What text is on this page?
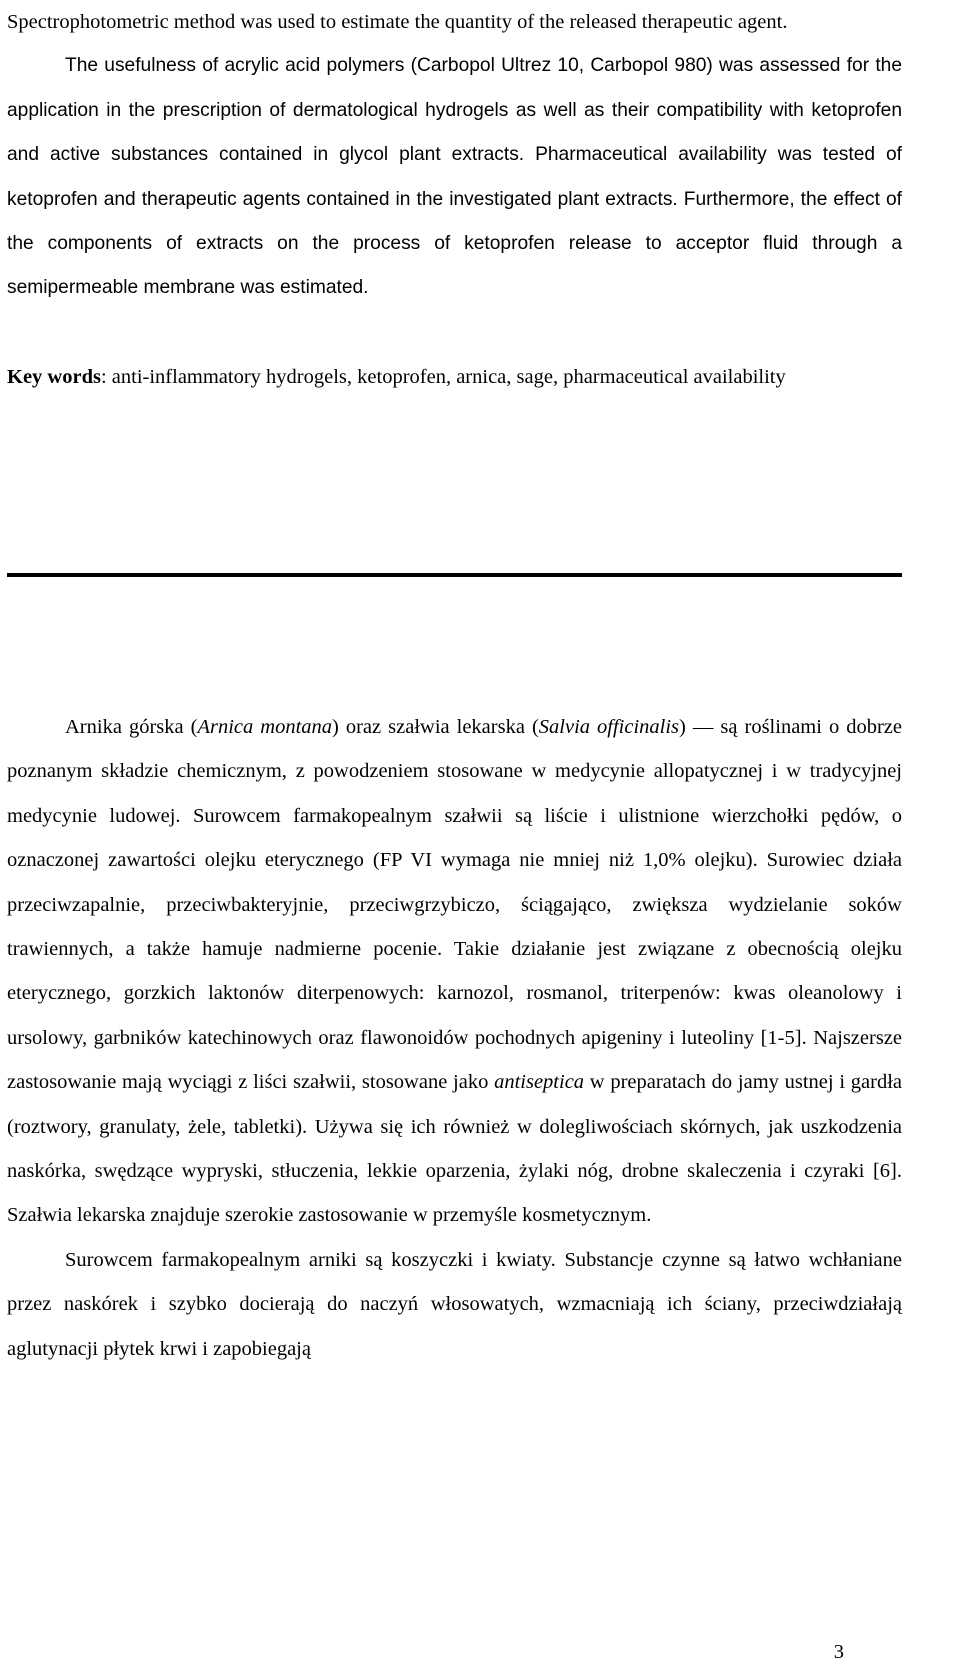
Spectrophotometric method was used to estimate the quantity of the released therapeutic agent.

The usefulness of acrylic acid polymers (Carbopol Ultrez 10, Carbopol 980) was assessed for the application in the prescription of dermatological hydrogels as well as their compatibility with ketoprofen and active substances contained in glycol plant extracts. Pharmaceutical availability was tested of ketoprofen and therapeutic agents contained in the investigated plant extracts. Furthermore, the effect of the components of extracts on the process of ketoprofen release to acceptor fluid through a semipermeable membrane was estimated.

Key words: anti-inflammatory hydrogels, ketoprofen, arnica, sage, pharmaceutical availability

Arnika górska (Arnica montana) oraz szałwia lekarska (Salvia officinalis) — są roślinami o dobrze poznanym składzie chemicznym, z powodzeniem stosowane w medycynie allopatycznej i w tradycyjnej medycynie ludowej. Surowcem farmakopealnym szałwii są liście i ulistnione wierzchołki pędów, o oznaczonej zawartości olejku eterycznego (FP VI wymaga nie mniej niż 1,0% olejku). Surowiec działa przeciwzapalnie, przeciwbakteryjnie, przeciwgrzybiczo, ściągająco, zwiększa wydzielanie soków trawiennych, a także hamuje nadmierne pocenie. Takie działanie jest związane z obecnością olejku eterycznego, gorzkich laktonów diterpenowych: karnozol, rosmanol, triterpenów: kwas oleanolowy i ursolowy, garbników katechinowych oraz flawonoidów pochodnych apigeniny i luteoliny [1-5]. Najszersze zastosowanie mają wyciągi z liści szałwii, stosowane jako antiseptica w preparatach do jamy ustnej i gardła (roztwory, granulaty, żele, tabletki). Używa się ich również w dolegliwościach skórnych, jak uszkodzenia naskórka, swędzące wypryski, stłuczenia, lekkie oparzenia, żylaki nóg, drobne skaleczenia i czyraki [6]. Szałwia lekarska znajduje szerokie zastosowanie w przemyśle kosmetycznym.

Surowcem farmakopealnym arniki są koszyczki i kwiaty. Substancje czynne są łatwo wchłaniane przez naskórek i szybko docierają do naczyń włosowatych, wzmacniają ich ściany, przeciwdziałają aglutynacji płytek krwi i zapobiegają

3
